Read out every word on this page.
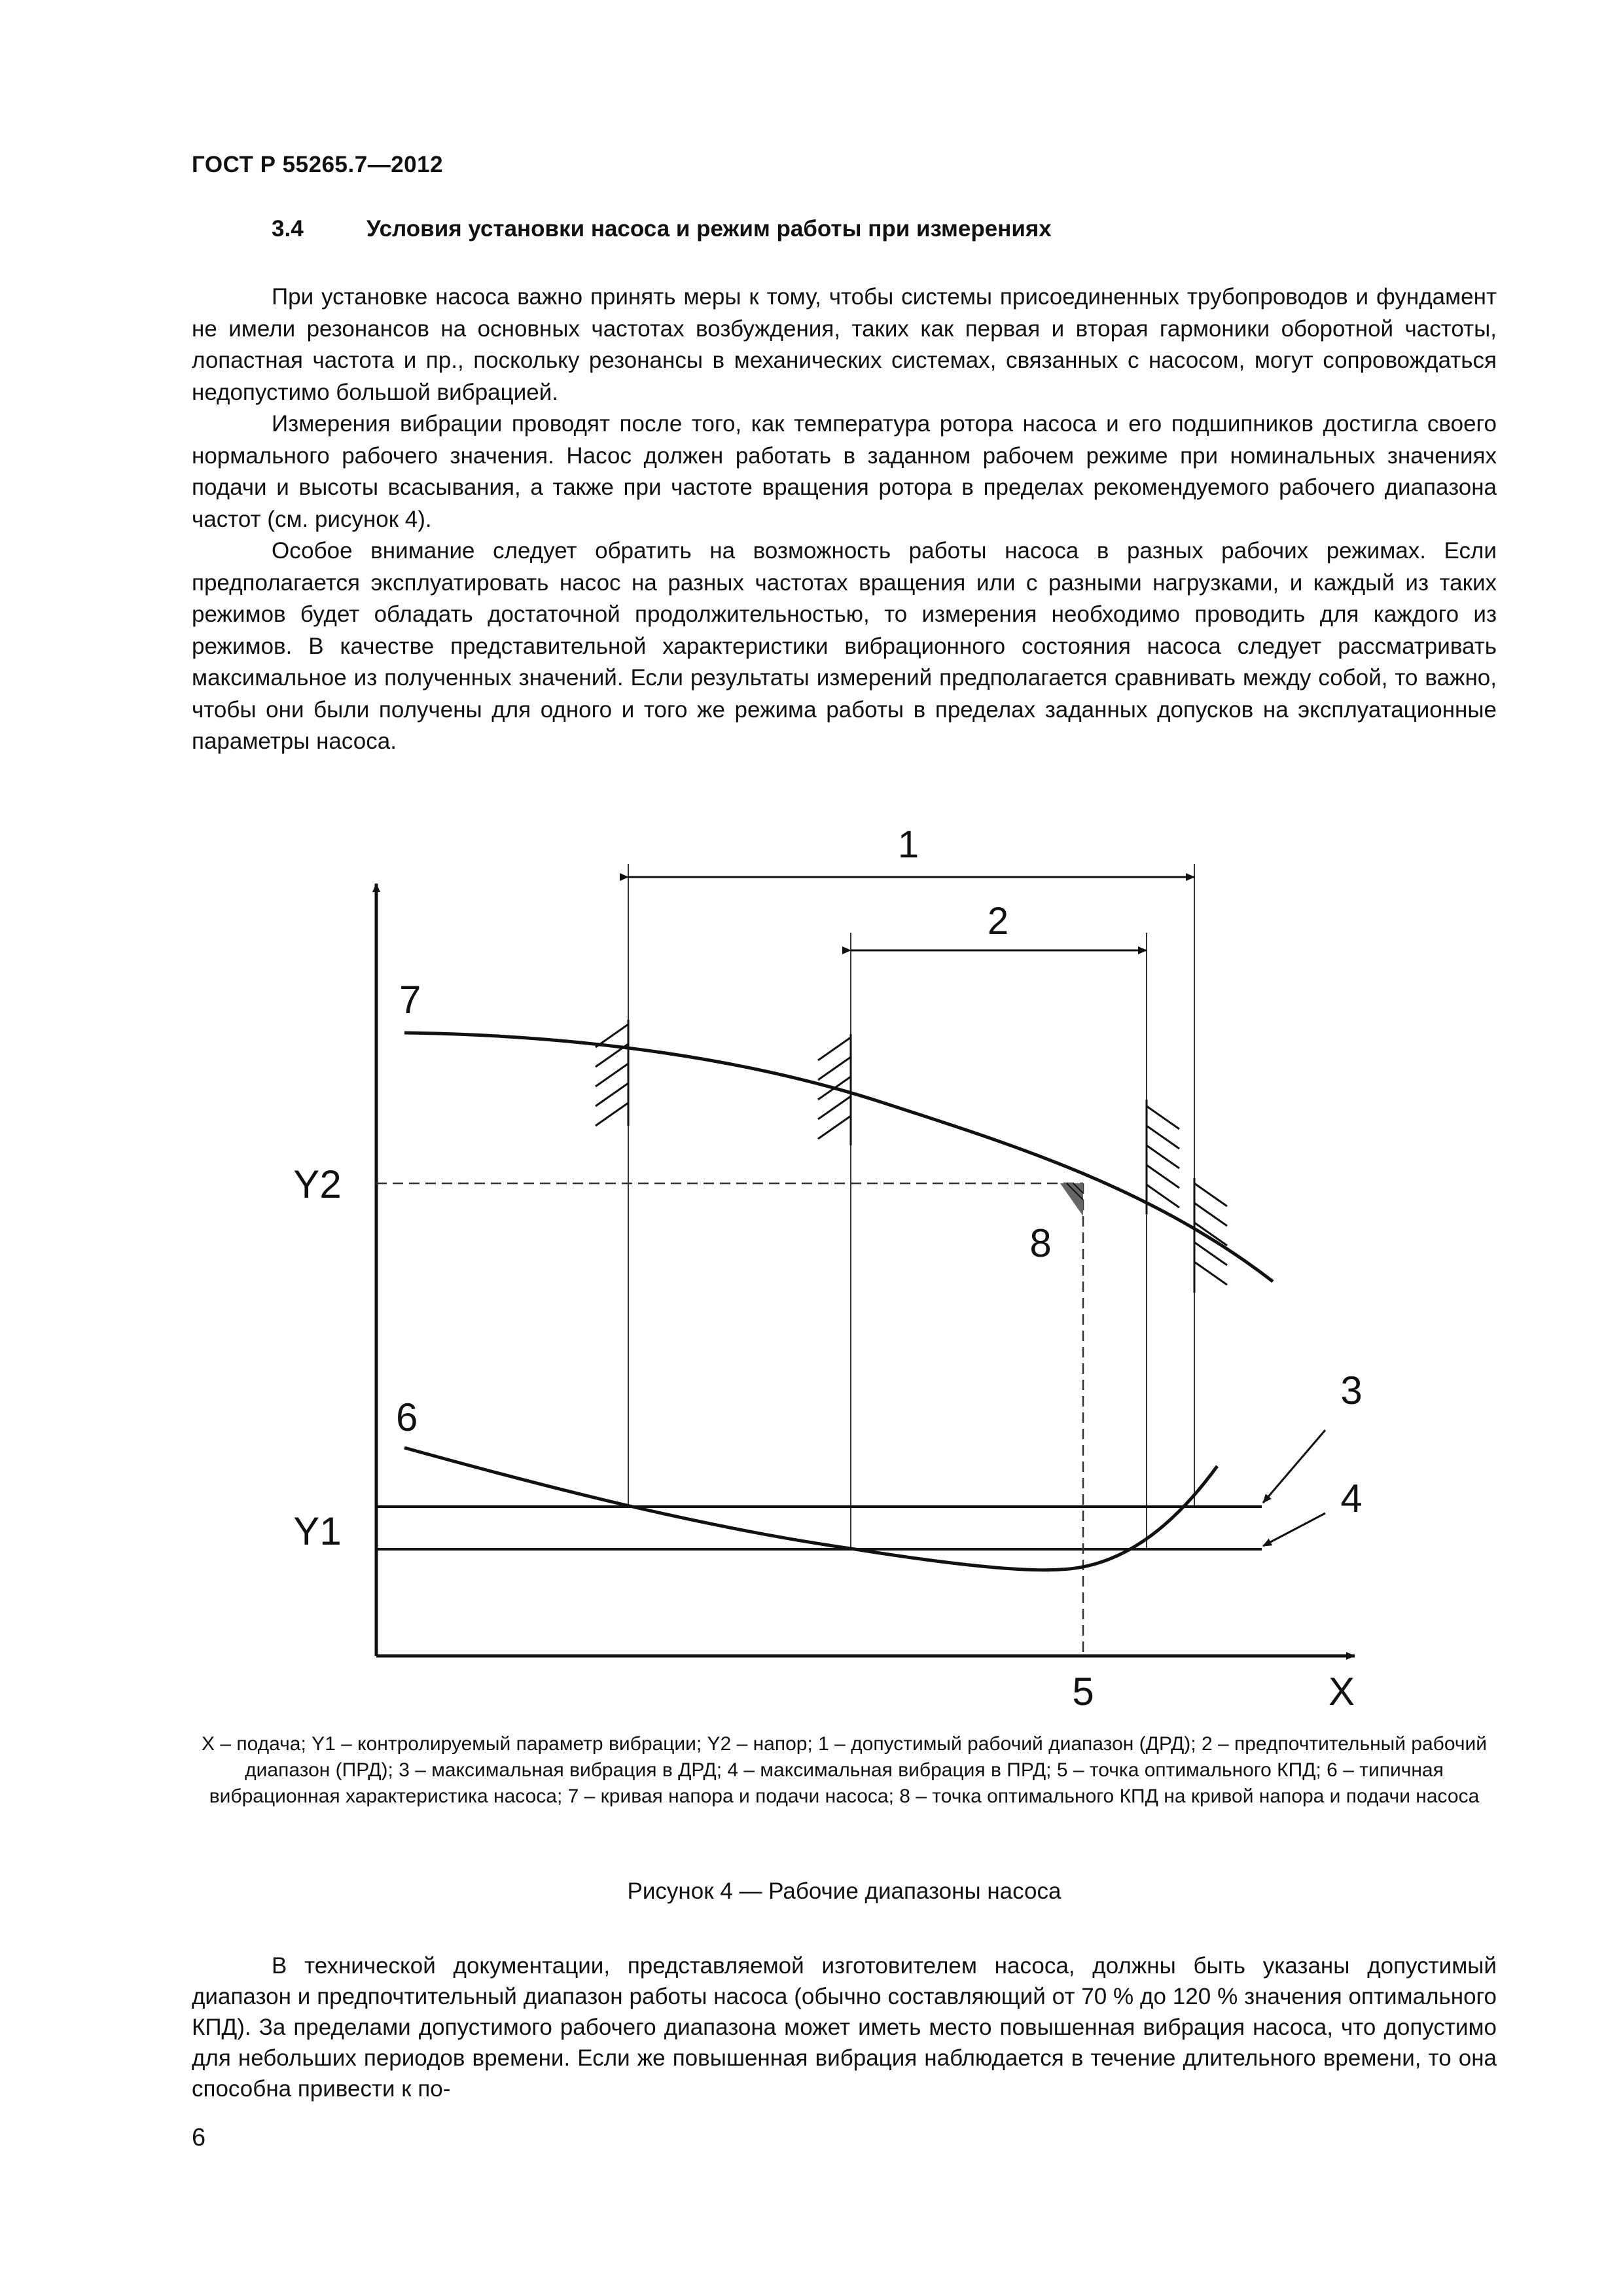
ГОСТ Р 55265.7—2012
3.4	Условия установки насоса и режим работы при измерениях

При установке насоса важно принять меры к тому, чтобы системы присоединенных трубопроводов и фундамент не имели резонансов на основных частотах возбуждения, таких как первая и вторая гармоники оборотной частоты, лопастная частота и пр., поскольку резонансы в механических системах, связанных с насосом, могут сопровождаться недопустимо большой вибрацией.

Измерения вибрации проводят после того, как температура ротора насоса и его подшипников достигла своего нормального рабочего значения. Насос должен работать в заданном рабочем режиме при номинальных значениях подачи и высоты всасывания, а также при частоте вращения ротора в пределах рекомендуемого рабочего диапазона частот (см. рисунок 4).

Особое внимание следует обратить на возможность работы насоса в разных рабочих режимах. Если предполагается эксплуатировать насос на разных частотах вращения или с разными нагрузками, и каждый из таких режимов будет обладать достаточной продолжительностью, то измерения необходимо проводить для каждого из режимов. В качестве представительной характеристики вибрационного состояния насоса следует рассматривать максимальное из полученных значений. Если результаты измерений предполагается сравнивать между собой, то важно, чтобы они были получены для одного и того же режима работы в пределах заданных допусков на эксплуатационные параметры насоса.

1
2
7
6
8
3
4
5	X
Y1
Y2
Х – подача; Y1 – контролируемый параметр вибрации; Y2 – напор; 1 – допустимый рабочий диапазон (ДРД); 2 – предпочтительный рабочий диапазон (ПРД); 3 – максимальная вибрация в ДРД; 4 – максимальная вибрация в ПРД; 5 – точка оптимального КПД; 6 – типичная вибрационная характеристика насоса; 7 – кривая напора и подачи насоса; 8 – точка оптимального КПД на кривой напора и подачи насоса
Рисунок 4 — Рабочие диапазоны насоса

В технической документации, представляемой изготовителем насоса, должны быть указаны допустимый диапазон и предпочтительный диапазон работы насоса (обычно составляющий от 70 % до 120 % значения оптимального КПД). За пределами допустимого рабочего диапазона может иметь место повышенная вибрация насоса, что допустимо для небольших периодов времени. Если же повышенная вибрация наблюдается в течение длительного времени, то она способна привести к по-

6
